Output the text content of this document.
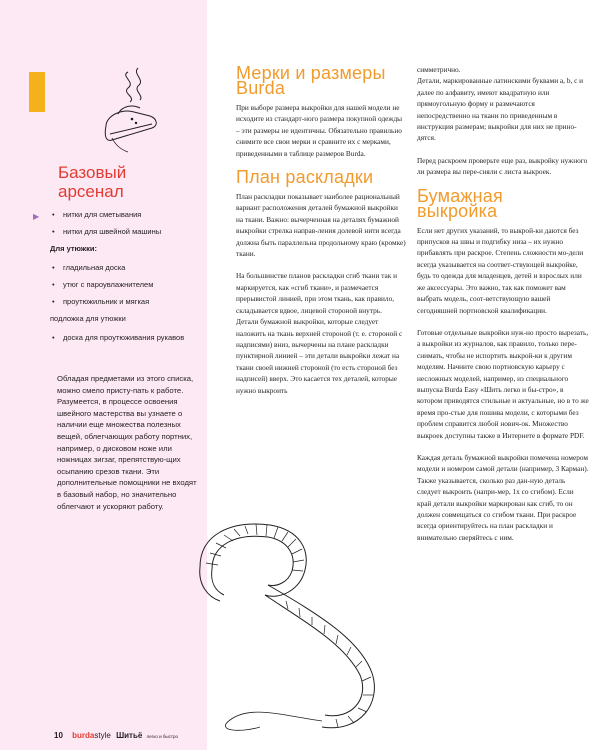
Базовый
арсенал
▶ • нитки для сметывания
• нитки для швейной машины
Для утюжки:
• гладильная доска
• утюг с пароувлажнителем
• проутюжильник и мягкая
подложка для утюжки
• доска для проутюживания рукавов

Обладая предметами из этого списка, можно смело присту-пать к работе. Разумеется, в процессе освоения швейного мастерства вы узнаете о наличии еще множества полезных вещей, облегчающих работу портних, например, о дисковом ноже или ножницах зигзаг, препятствую-щих осыпанию срезов ткани. Эти дополнительные помощники не входят в базовый набор, но значительно облегчают и ускоряют работу.

Мерки и размеры
Burda

При выборе размера выкройки для нашей модели не исходите из стандарт-ного размера покупной одежды – эти размеры не идентичны. Обязательно правильно снимите все свои мерки и сравните их с мерками, приведенными в таблице размеров Burda.

План раскладки

План раскладки показывает наиболее рациональный вариант расположения деталей бумажной выкройки на ткани. Важно: вычерченная на деталях бумажной выкройки стрелка направ-ления долевой нити всегда должна быть параллельна продольному краю (кромке) ткани.

На большинстве планов раскладки сгиб ткани так и маркируется, как «сгиб ткани», и размечается прерывистой линией, при этом ткань, как правило, складывается вдвое, лицевой стороной внутрь. Детали бумажной выкройки, которые следует наложить на ткань верхней стороной (т. е. стороной с надписями) вниз, вычерчены на плане раскладки пунктирной линией – эти детали выкройки лежат на ткани своей нижней стороной (то есть стороной без надписей) вверх. Это касается тех деталей, которые нужно выкроить

симметрично.

Детали, маркированные латинскими буквами а, b, c и далее по алфавиту, имеют квадратную или прямоугольную форму и размечаются непосредственно на ткани по приведенным в инструкция размерам; выкройки для них не прино-дятся.

Перед раскроем проверьте еще раз, выкройку нужного ли размера вы пере-сняли с листа выкроек.

Бумажная
выкройка

Если нет других указаний, то выкрой-ки даются без припусков на швы и подгибку низа – их нужно прибавлять при раскрое. Степень сложности мо-дели всегда указывается на соответ-ствующей выкройке, будь то одежда для младенцев, детей и взрослых или же аксессуары. Это важно, так как поможет вам выбрать модель, соот-ветствующую вашей сегодняшней портновской квалификации.

Готовые отдельные выкройки нуж-но просто вырезать, а выкройки из журналов, как правило, только пере-снимать, чтобы не испортить выкрой-ки к другим моделям. Начните свою портновскую карьеру с несложных моделей, например, из специального выпуска Burda Easy «Шить легко и бы-стро», в котором приводятся стильные и актуальные, но в то же время про-стые для пошива модели, с которыми без проблем справится любой нович-ок. Множество выкроек доступны также в Интернете в формате PDF.

Каждая деталь бумажной выкройки помечена номером модели и номером самой детали (например, 3 Карман). Также указывается, сколько раз дан-ную деталь следует выкроить (напри-мер, 1x со сгибом). Если край детали выкройки маркирован как сгиб, то он должен совмещаться со сгибом ткани. При раскрое всегда ориентируйтесь на план раскладки и внимательно сверяйтесь с ним.

10 burdastyle Шитьё легко и быстро
